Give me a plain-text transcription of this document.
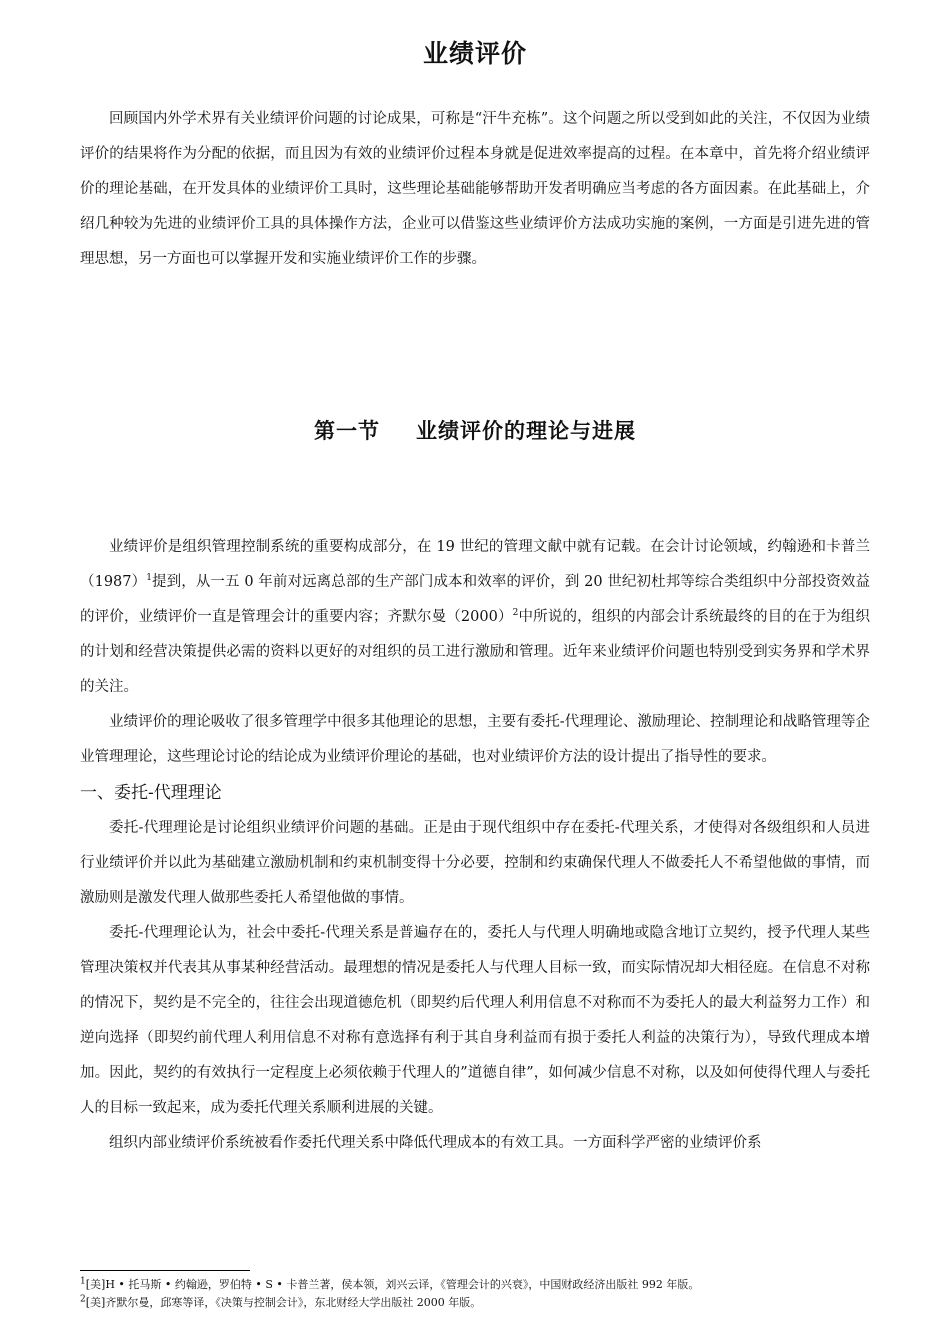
业绩评价

回顾国内外学术界有关业绩评价问题的讨论成果，可称是“汗牛充栋”。这个问题之所以受到如此的关注，不仅因为业绩评价的结果将作为分配的依据，而且因为有效的业绩评价过程本身就是促进效率提高的过程。在本章中，首先将介绍业绩评价的理论基础，在开发具体的业绩评价工具时，这些理论基础能够帮助开发者明确应当考虑的各方面因素。在此基础上，介绍几种较为先进的业绩评价工具的具体操作方法，企业可以借鉴这些业绩评价方法成功实施的案例，一方面是引进先进的管理思想，另一方面也可以掌握开发和实施业绩评价工作的步骤。

第一节 业绩评价的理论与进展

业绩评价是组织管理控制系统的重要构成部分，在 19 世纪的管理文献中就有记载。在会计讨论领域，约翰逊和卡普兰$(1987)^1$提到，从一五 0 年前对远离总部的生产部门成本和效率的评价，到 20 世纪初杜邦等综合类组织中分部投资效益的评价，业绩评价一直是管理会计的重要内容；齐默尔曼$(2000)^2$中所说的，组织的内部会计系统最终的目的在于为组织的计划和经营决策提供必需的资料以更好的对组织的员工进行激励和管理。近年来业绩评价问题也特别受到实务界和学术界的关注。

业绩评价的理论吸收了很多管理学中很多其他理论的思想，主要有委托-代理理论、激励理论、控制理论和战略管理等企业管理理论，这些理论讨论的结论成为业绩评价理论的基础，也对业绩评价方法的设计提出了指导性的要求。

一、委托-代理理论

委托-代理理论是讨论组织业绩评价问题的基础。正是由于现代组织中存在委托-代理关系，才使得对各级组织和人员进行业绩评价并以此为基础建立激励机制和约束机制变得十分必要，控制和约束确保代理人不做委托人不希望他做的事情，而激励则是激发代理人做那些委托人希望他做的事情。

委托-代理理论认为，社会中委托-代理关系是普遍存在的，委托人与代理人明确地或隐含地订立契约，授予代理人某些管理决策权并代表其从事某种经营活动。最理想的情况是委托人与代理人目标一致，而实际情况却大相径庭。在信息不对称的情况下，契约是不完全的，往往会出现道德危机（即契约后代理人利用信息不对称而不为委托人的最大利益努力工作）和逆向选择（即契约前代理人利用信息不对称有意选择有利于其自身利益而有损于委托人利益的决策行为），导致代理成本增加。因此，契约的有效执行一定程度上必须依赖于代理人的”道德自律”，如何减少信息不对称，以及如何使得代理人与委托人的目标一致起来，成为委托代理关系顺利进展的关键。

组织内部业绩评价系统被看作委托代理关系中降低代理成本的有效工具。一方面科学严密的业绩评价系

$^1$[美]H • 托马斯 • 约翰逊，罗伯特 • S • 卡普兰著，侯本领，刘兴云译，《管理会计的兴衰》，中国财政经济出版社 992 年版。
$^2$[美]齐默尔曼，邱寒等译，《决策与控制会计》，东北财经大学出版社 2000 年版。
